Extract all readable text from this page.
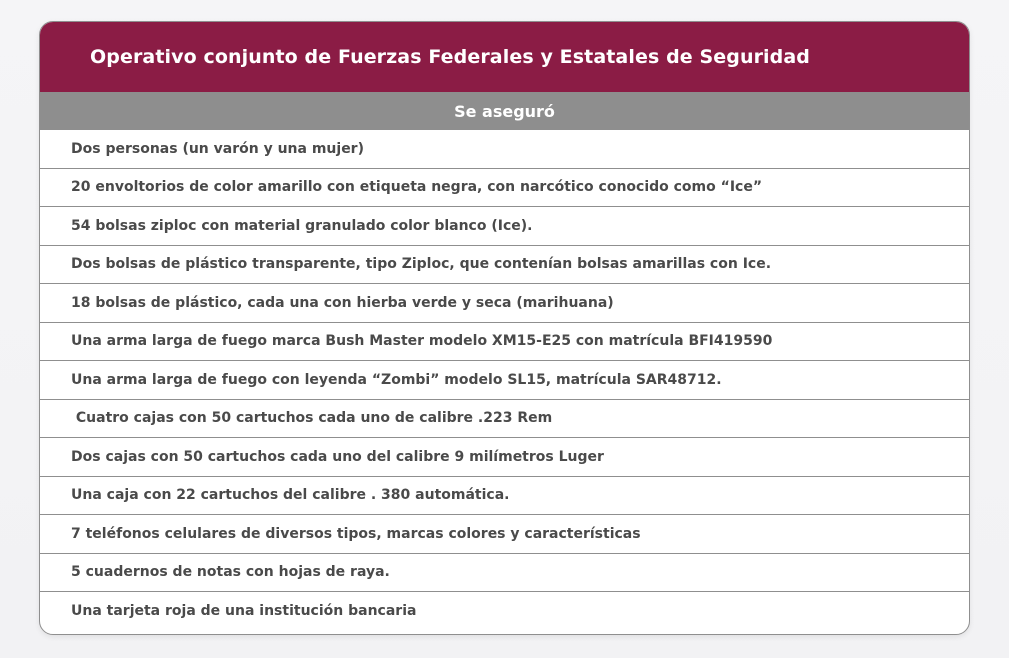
Operativo conjunto de Fuerzas Federales y Estatales de Seguridad
Se aseguró
Dos personas (un varón y una mujer)
20 envoltorios de color amarillo con etiqueta negra, con narcótico conocido como “Ice”
54 bolsas ziploc con material granulado color blanco (Ice).
Dos bolsas de plástico transparente, tipo Ziploc, que contenían bolsas amarillas con Ice.
18 bolsas de plástico, cada una con hierba verde y seca (marihuana)
Una arma larga de fuego marca Bush Master modelo XM15-E25 con matrícula BFI419590
Una arma larga de fuego con leyenda “Zombi” modelo SL15, matrícula SAR48712.
Cuatro cajas con 50 cartuchos cada uno de calibre .223 Rem
Dos cajas con 50 cartuchos cada uno del calibre 9 milímetros Luger
Una caja con 22 cartuchos del calibre . 380 automática.
7 teléfonos celulares de diversos tipos, marcas colores y características
5 cuadernos de notas con hojas de raya.
Una tarjeta roja de una institución bancaria
